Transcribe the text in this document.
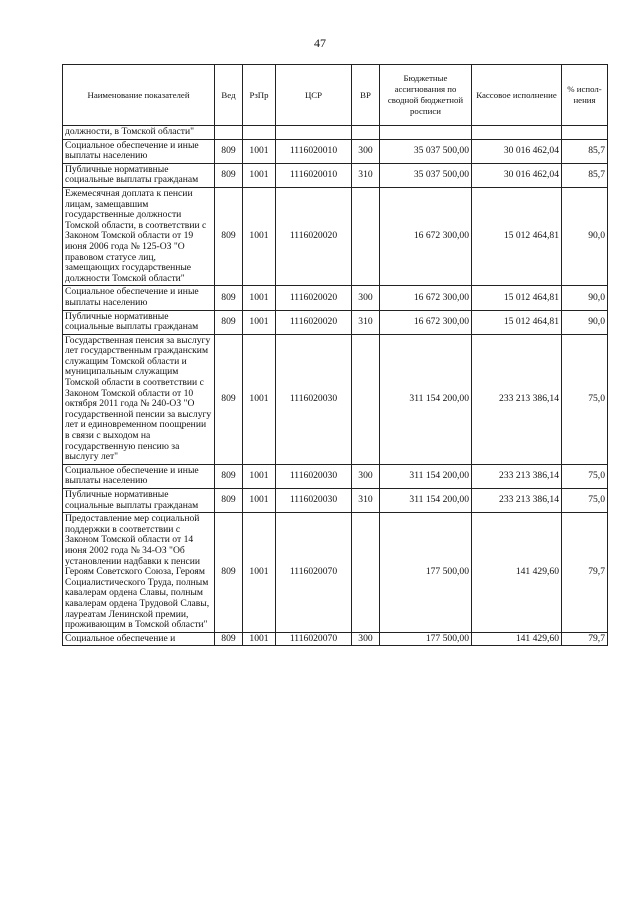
47
Наименование показателей	Вед	РзПр	ЦСР	ВР	Бюджетные ассигнования по сводной бюджетной росписи	Кассовое исполнение	% испол-нения
должности, в Томской области"							
Социальное обеспечение и иные выплаты населению	809	1001	1116020010	300	35 037 500,00	30 016 462,04	85,7
Публичные нормативные социальные выплаты гражданам	809	1001	1116020010	310	35 037 500,00	30 016 462,04	85,7
Ежемесячная доплата к пенсии лицам, замещавшим государственные должности Томской области, в соответствии с Законом Томской области от 19 июня 2006 года № 125-ОЗ "О правовом статусе лиц, замещающих государственные должности Томской области"	809	1001	1116020020		16 672 300,00	15 012 464,81	90,0
Социальное обеспечение и иные выплаты населению	809	1001	1116020020	300	16 672 300,00	15 012 464,81	90,0
Публичные нормативные социальные выплаты гражданам	809	1001	1116020020	310	16 672 300,00	15 012 464,81	90,0
Государственная пенсия за выслугу лет государственным гражданским служащим Томской области и муниципальным служащим Томской области в соответствии с Законом Томской области от 10 октября 2011 года № 240-ОЗ "О государственной пенсии за выслугу лет и единовременном поощрении в связи с выходом на государственную пенсию за выслугу лет"	809	1001	1116020030		311 154 200,00	233 213 386,14	75,0
Социальное обеспечение и иные выплаты населению	809	1001	1116020030	300	311 154 200,00	233 213 386,14	75,0
Публичные нормативные социальные выплаты гражданам	809	1001	1116020030	310	311 154 200,00	233 213 386,14	75,0
Предоставление мер социальной поддержки в соответствии с Законом Томской области от 14 июня 2002 года № 34-ОЗ "Об установлении надбавки к пенсии Героям Советского Союза, Героям Социалистического Труда, полным кавалерам ордена Славы, полным кавалерам ордена Трудовой Славы, лауреатам Ленинской премии, проживающим в Томской области"	809	1001	1116020070		177 500,00	141 429,60	79,7
Социальное обеспечение и	809	1001	1116020070	300	177 500,00	141 429,60	79,7
